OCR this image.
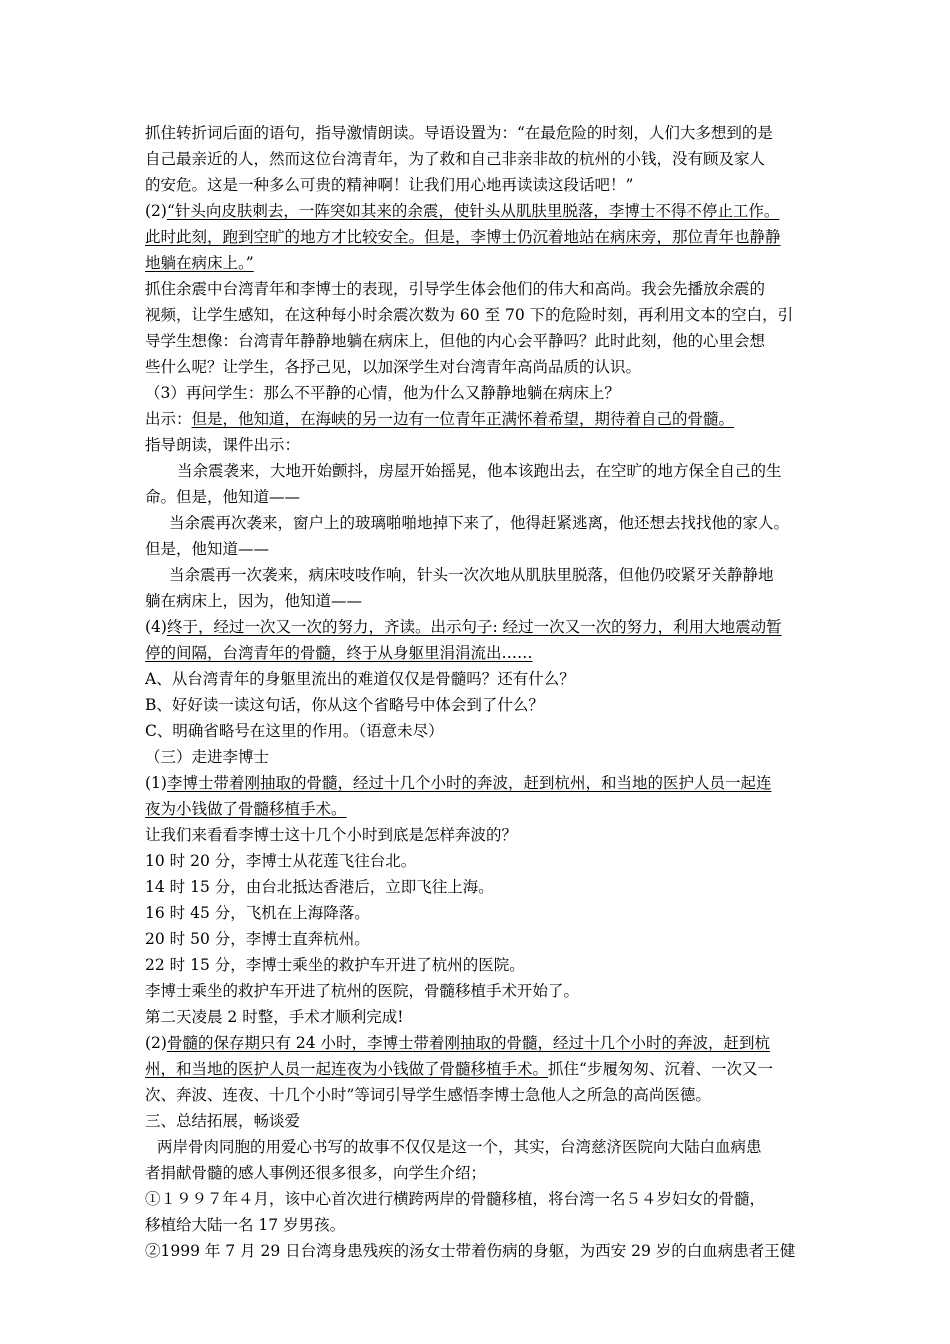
抓住转折词后面的语句，指导激情朗读。导语设置为：“在最危险的时刻，人们大多想到的是
自己最亲近的人，然而这位台湾青年，为了救和自己非亲非故的杭州的小钱，没有顾及家人
的安危。这是一种多么可贵的精神啊！让我们用心地再读读这段话吧！”
(2)“针头向皮肤刺去，一阵突如其来的余震，使针头从肌肤里脱落，李博士不得不停止工作。
此时此刻，跑到空旷的地方才比较安全。但是，李博士仍沉着地站在病床旁，那位青年也静静
地躺在病床上。”
抓住余震中台湾青年和李博士的表现，引导学生体会他们的伟大和高尚。我会先播放余震的
视频，让学生感知，在这种每小时余震次数为 60 至 70 下的危险时刻，再利用文本的空白，引
导学生想像：台湾青年静静地躺在病床上，但他的内心会平静吗？此时此刻，他的心里会想
些什么呢？让学生，各抒己见，以加深学生对台湾青年高尚品质的认识。
（3）再问学生：那么不平静的心情，他为什么又静静地躺在病床上？
出示：但是，他知道，在海峡的另一边有一位青年正满怀着希望，期待着自己的骨髓。
指导朗读，课件出示：
当余震袭来，大地开始颤抖，房屋开始摇晃，他本该跑出去，在空旷的地方保全自己的生
命。但是，他知道——
当余震再次袭来，窗户上的玻璃啪啪地掉下来了，他得赶紧逃离，他还想去找找他的家人。
但是，他知道——
当余震再一次袭来，病床吱吱作响，针头一次次地从肌肤里脱落，但他仍咬紧牙关静静地
躺在病床上，因为，他知道——
(4)终于，经过一次又一次的努力，齐读。出示句子: 经过一次又一次的努力，利用大地震动暂
停的间隔，台湾青年的骨髓，终于从身躯里涓涓流出……
A、从台湾青年的身躯里流出的难道仅仅是骨髓吗？还有什么？
B、好好读一读这句话，你从这个省略号中体会到了什么？
C、明确省略号在这里的作用。（语意未尽）
（三）走进李博士
(1)李博士带着刚抽取的骨髓，经过十几个小时的奔波，赶到杭州，和当地的医护人员一起连
夜为小钱做了骨髓移植手术。
让我们来看看李博士这十几个小时到底是怎样奔波的？
10 时 20 分，李博士从花莲飞往台北。
14 时 15 分，由台北抵达香港后，立即飞往上海。
16 时 45 分，飞机在上海降落。
20 时 50 分，李博士直奔杭州。
22 时 15 分，李博士乘坐的救护车开进了杭州的医院。
李博士乘坐的救护车开进了杭州的医院，骨髓移植手术开始了。
第二天凌晨 2 时整，手术才顺利完成!
(2)骨髓的保存期只有 24 小时，李博士带着刚抽取的骨髓，经过十几个小时的奔波，赶到杭
州，和当地的医护人员一起连夜为小钱做了骨髓移植手术。抓住“步履匆匆、沉着、一次又一
次、奔波、连夜、十几个小时”等词引导学生感悟李博士急他人之所急的高尚医德。
三、总结拓展，畅谈爱
两岸骨肉同胞的用爱心书写的故事不仅仅是这一个，其实，台湾慈济医院向大陆白血病患
者捐献骨髓的感人事例还很多很多，向学生介绍；
①１９９７年４月，该中心首次进行横跨两岸的骨髓移植，将台湾一名５４岁妇女的骨髓，
移植给大陆一名 17 岁男孩。
②1999 年 7 月 29 日台湾身患残疾的汤女士带着伤病的身躯，为西安 29 岁的白血病患者王健
